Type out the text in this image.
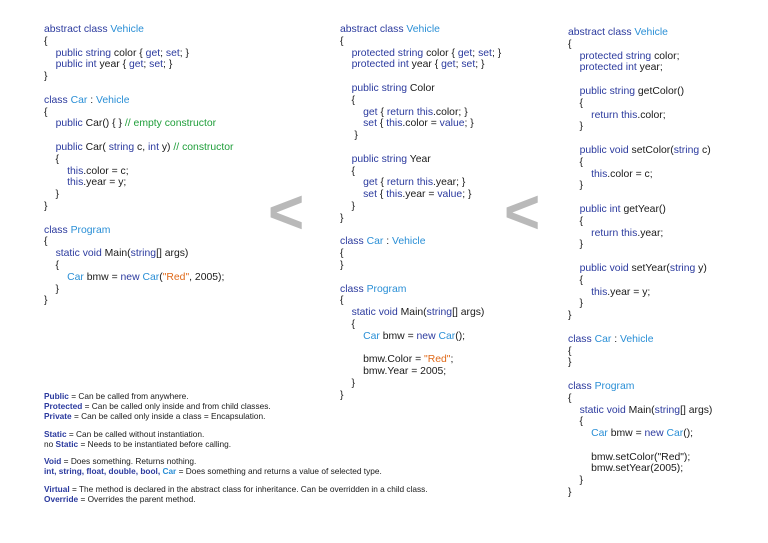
abstract class Vehicle
{
public string color { get; set; }
public int year { get; set; }
}
class Car : Vehicle
{
public Car() { } // empty constructor
public Car( string c, int y) // constructor
{
this.color = c;
this.year = y;
}
}
class Program
{
static void Main(string[] args)
{
Car bmw = new Car("Red", 2005);
}
}
abstract class Vehicle
{
protected string color { get; set; }
protected int year { get; set; }
public string Color
{
get { return this.color; }
set { this.color = value; }
}
public string Year
{
get { return this.year; }
set { this.year = value; }
}
}
class Car : Vehicle
{
}
class Program
{
static void Main(string[] args)
{
Car bmw = new Car();
bmw.Color = "Red";
bmw.Year = 2005;
}
}
abstract class Vehicle
{
protected string color;
protected int year;
public string getColor()
{
return this.color;
}
public void setColor(string c)
{
this.color = c;
}
public int getYear()
{
return this.year;
}
public void setYear(string y)
{
this.year = y;
}
}
class Car : Vehicle
{
}
class Program
{
static void Main(string[] args)
{
Car bmw = new Car();
bmw.setColor("Red");
bmw.setYear(2005);
}
}
<	<
Public = Can be called from anywhere.
Protected = Can be called only inside and from child classes.
Private = Can be called only inside a class = Encapsulation.
Static = Can be called without instantiation.
no Static = Needs to be instantiated before calling.
Void = Does something. Returns nothing.
int, string, float, double, bool, Car = Does something and returns a value of selected type.
Virtual = The method is declared in the abstract class for inheritance. Can be overridden in a child class.
Override = Overrides the parent method.
